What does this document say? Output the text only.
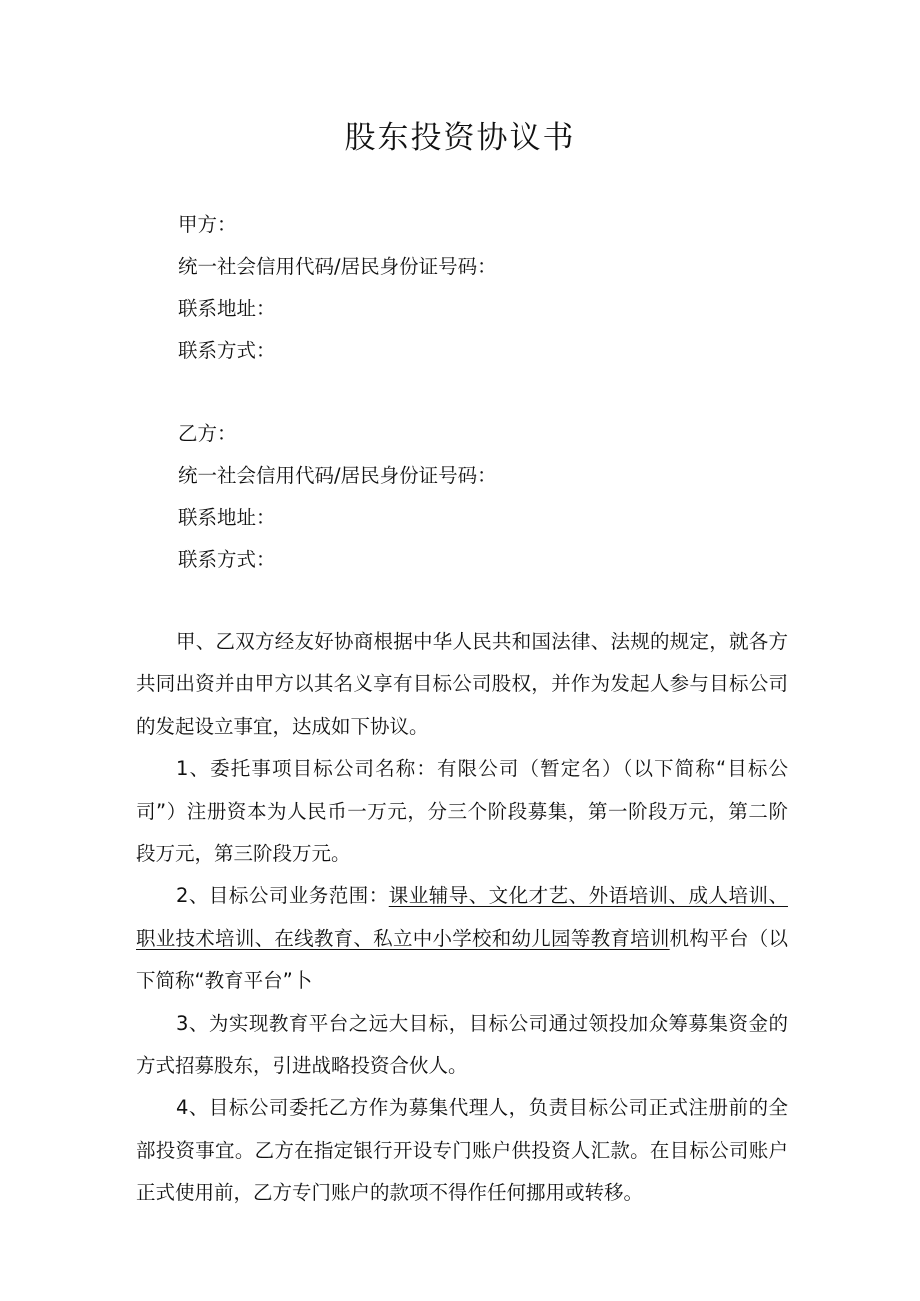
股东投资协议书
甲方：
统一社会信用代码/居民身份证号码：
联系地址：
联系方式：
乙方：
统一社会信用代码/居民身份证号码：
联系地址：
联系方式：

甲、乙双方经友好协商根据中华人民共和国法律、法规的规定，就各方共同出资并由甲方以其名义享有目标公司股权，并作为发起人参与目标公司的发起设立事宜，达成如下协议。

1、委托事项目标公司名称：有限公司（暂定名）（以下简称“目标公司”）注册资本为人民币一万元，分三个阶段募集，第一阶段万元，第二阶段万元，第三阶段万元。

2、目标公司业务范围：课业辅导、文化才艺、外语培训、成人培训、职业技术培训、在线教育、私立中小学校和幼儿园等教育培训机构平台（以下简称“教育平台”卜

3、为实现教育平台之远大目标，目标公司通过领投加众筹募集资金的方式招募股东，引进战略投资合伙人。

4、目标公司委托乙方作为募集代理人，负责目标公司正式注册前的全部投资事宜。乙方在指定银行开设专门账户供投资人汇款。在目标公司账户正式使用前，乙方专门账户的款项不得作任何挪用或转移。
